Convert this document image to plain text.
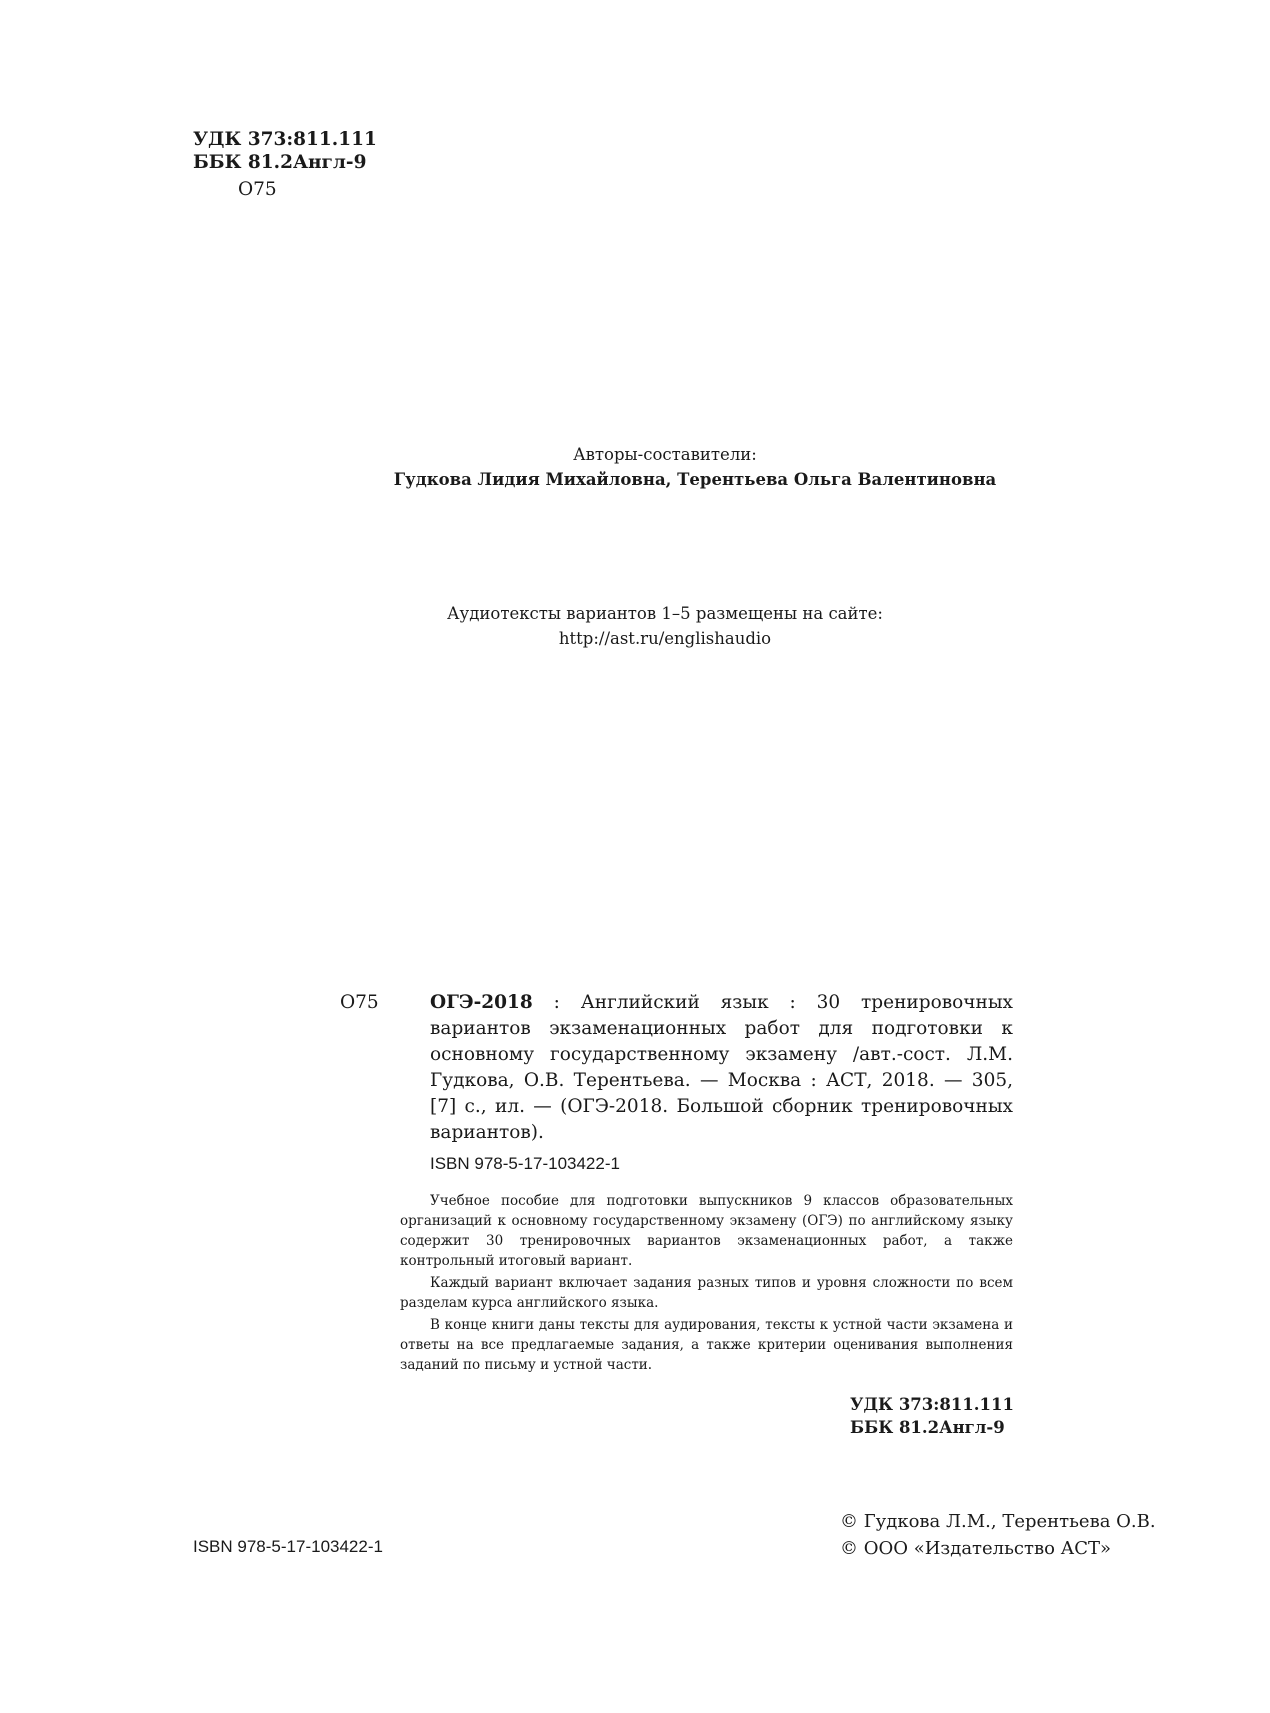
УДК 373:811.111
ББК 81.2Англ-9
О75
Авторы-составители:
Гудкова Лидия Михайловна, Терентьева Ольга Валентиновна
Аудиотексты вариантов 1–5 размещены на сайте:
http://ast.ru/englishaudio
О75	ОГЭ-2018 : Английский язык : 30 тренировочных вариантов экзаменационных работ для подготовки к основному государственному экзамену /авт.-сост. Л.М. Гудкова, О.В. Терентьева. — Москва : АСТ, 2018. — 305, [7] с., ил. — (ОГЭ-2018. Большой сборник тренировочных вариантов).
ISBN 978-5-17-103422-1

Учебное пособие для подготовки выпускников 9 классов образовательных организаций к основному государственному экзамену (ОГЭ) по английскому языку содержит 30 тренировочных вариантов экзаменационных работ, а также контрольный итоговый вариант.

Каждый вариант включает задания разных типов и уровня сложности по всем разделам курса английского языка.

В конце книги даны тексты для аудирования, тексты к устной части экзамена и ответы на все предлагаемые задания, а также критерии оценивания выполнения заданий по письму и устной части.

УДК 373:811.111
ББК 81.2Англ-9
ISBN 978-5-17-103422-1
© Гудкова Л.М., Терентьева О.В.
© ООО «Издательство АСТ»
